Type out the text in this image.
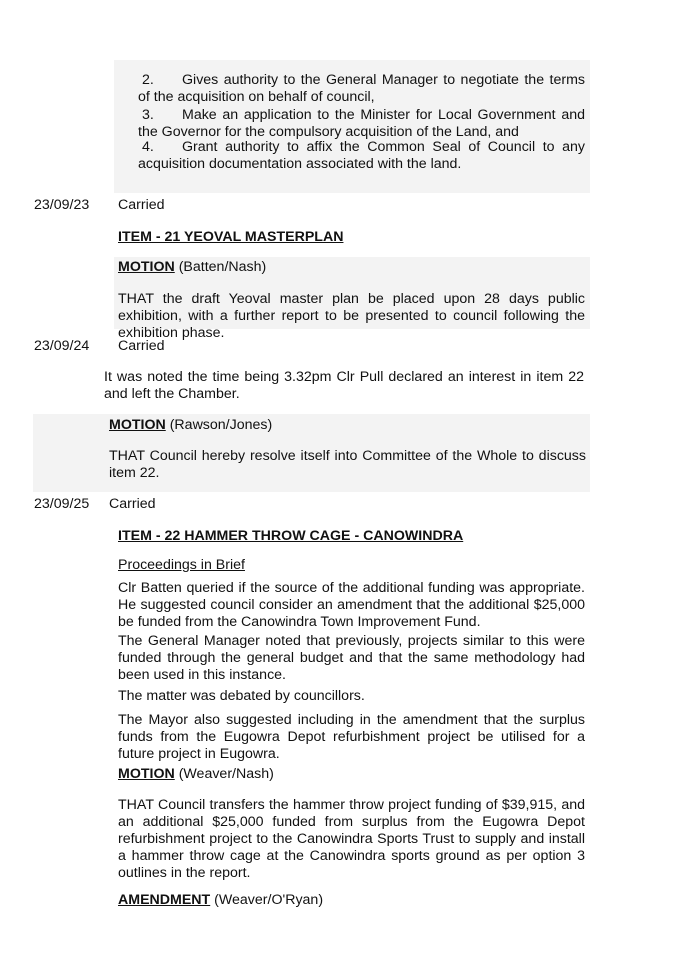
2. Gives authority to the General Manager to negotiate the terms of the acquisition on behalf of council,
3. Make an application to the Minister for Local Government and the Governor for the compulsory acquisition of the Land, and
4. Grant authority to affix the Common Seal of Council to any acquisition documentation associated with the land.
23/09/23 Carried
ITEM - 21 YEOVAL MASTERPLAN
MOTION (Batten/Nash)
THAT the draft Yeoval master plan be placed upon 28 days public exhibition, with a further report to be presented to council following the exhibition phase.
23/09/24 Carried
It was noted the time being 3.32pm Clr Pull declared an interest in item 22 and left the Chamber.
MOTION (Rawson/Jones)
THAT Council hereby resolve itself into Committee of the Whole to discuss item 22.
23/09/25 Carried
ITEM - 22 HAMMER THROW CAGE - CANOWINDRA
Proceedings in Brief
Clr Batten queried if the source of the additional funding was appropriate. He suggested council consider an amendment that the additional $25,000 be funded from the Canowindra Town Improvement Fund.
The General Manager noted that previously, projects similar to this were funded through the general budget and that the same methodology had been used in this instance.
The matter was debated by councillors.
The Mayor also suggested including in the amendment that the surplus funds from the Eugowra Depot refurbishment project be utilised for a future project in Eugowra.
MOTION (Weaver/Nash)
THAT Council transfers the hammer throw project funding of $39,915, and an additional $25,000 funded from surplus from the Eugowra Depot refurbishment project to the Canowindra Sports Trust to supply and install a hammer throw cage at the Canowindra sports ground as per option 3 outlines in the report.
AMENDMENT (Weaver/O'Ryan)
